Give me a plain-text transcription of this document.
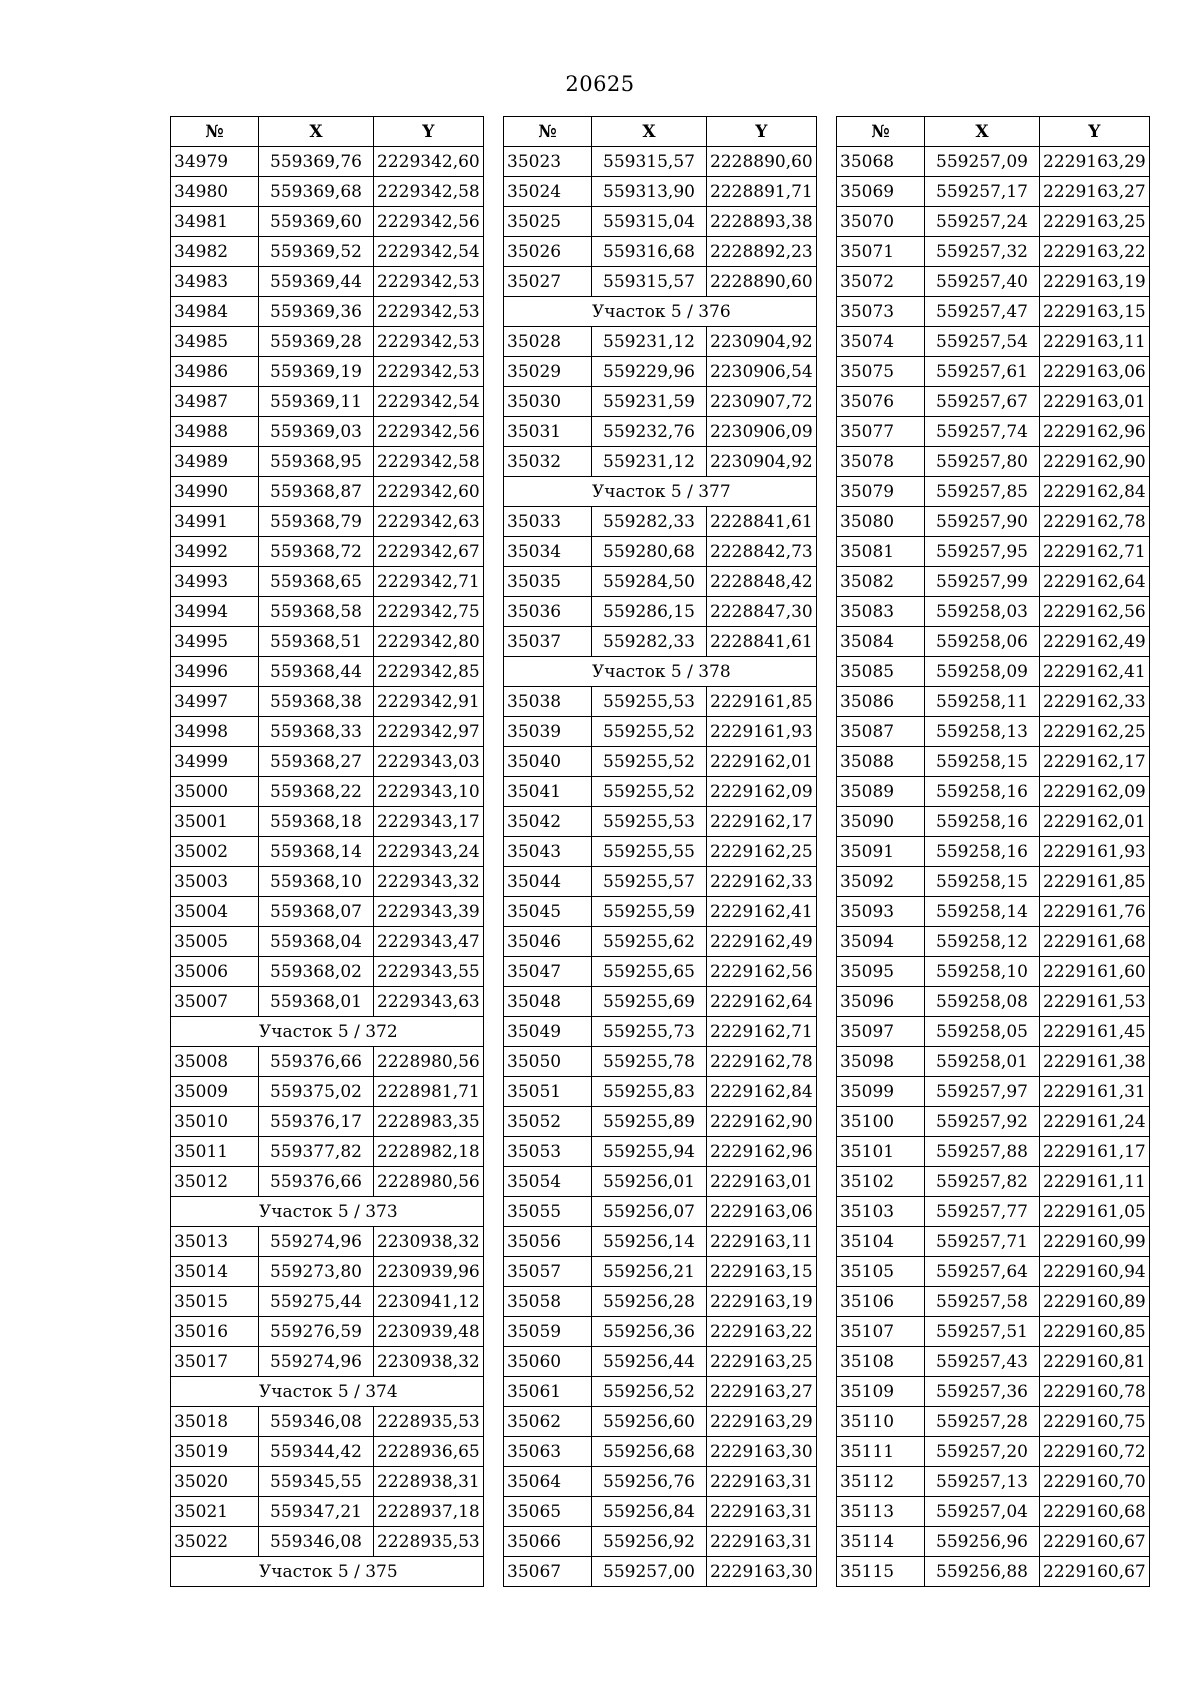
20625
№	X	Y
34979	559369,76	2229342,60
34980	559369,68	2229342,58
34981	559369,60	2229342,56
34982	559369,52	2229342,54
34983	559369,44	2229342,53
34984	559369,36	2229342,53
34985	559369,28	2229342,53
34986	559369,19	2229342,53
34987	559369,11	2229342,54
34988	559369,03	2229342,56
34989	559368,95	2229342,58
34990	559368,87	2229342,60
34991	559368,79	2229342,63
34992	559368,72	2229342,67
34993	559368,65	2229342,71
34994	559368,58	2229342,75
34995	559368,51	2229342,80
34996	559368,44	2229342,85
34997	559368,38	2229342,91
34998	559368,33	2229342,97
34999	559368,27	2229343,03
35000	559368,22	2229343,10
35001	559368,18	2229343,17
35002	559368,14	2229343,24
35003	559368,10	2229343,32
35004	559368,07	2229343,39
35005	559368,04	2229343,47
35006	559368,02	2229343,55
35007	559368,01	2229343,63
Участок 5 / 372		
35008	559376,66	2228980,56
35009	559375,02	2228981,71
35010	559376,17	2228983,35
35011	559377,82	2228982,18
35012	559376,66	2228980,56
Участок 5 / 373		
35013	559274,96	2230938,32
35014	559273,80	2230939,96
35015	559275,44	2230941,12
35016	559276,59	2230939,48
35017	559274,96	2230938,32
Участок 5 / 374		
35018	559346,08	2228935,53
35019	559344,42	2228936,65
35020	559345,55	2228938,31
35021	559347,21	2228937,18
35022	559346,08	2228935,53
Участок 5 / 375		
№	X	Y
35023	559315,57	2228890,60
35024	559313,90	2228891,71
35025	559315,04	2228893,38
35026	559316,68	2228892,23
35027	559315,57	2228890,60
Участок 5 / 376		
35028	559231,12	2230904,92
35029	559229,96	2230906,54
35030	559231,59	2230907,72
35031	559232,76	2230906,09
35032	559231,12	2230904,92
Участок 5 / 377		
35033	559282,33	2228841,61
35034	559280,68	2228842,73
35035	559284,50	2228848,42
35036	559286,15	2228847,30
35037	559282,33	2228841,61
Участок 5 / 378		
35038	559255,53	2229161,85
35039	559255,52	2229161,93
35040	559255,52	2229162,01
35041	559255,52	2229162,09
35042	559255,53	2229162,17
35043	559255,55	2229162,25
35044	559255,57	2229162,33
35045	559255,59	2229162,41
35046	559255,62	2229162,49
35047	559255,65	2229162,56
35048	559255,69	2229162,64
35049	559255,73	2229162,71
35050	559255,78	2229162,78
35051	559255,83	2229162,84
35052	559255,89	2229162,90
35053	559255,94	2229162,96
35054	559256,01	2229163,01
35055	559256,07	2229163,06
35056	559256,14	2229163,11
35057	559256,21	2229163,15
35058	559256,28	2229163,19
35059	559256,36	2229163,22
35060	559256,44	2229163,25
35061	559256,52	2229163,27
35062	559256,60	2229163,29
35063	559256,68	2229163,30
35064	559256,76	2229163,31
35065	559256,84	2229163,31
35066	559256,92	2229163,31
35067	559257,00	2229163,30
№	X	Y
35068	559257,09	2229163,29
35069	559257,17	2229163,27
35070	559257,24	2229163,25
35071	559257,32	2229163,22
35072	559257,40	2229163,19
35073	559257,47	2229163,15
35074	559257,54	2229163,11
35075	559257,61	2229163,06
35076	559257,67	2229163,01
35077	559257,74	2229162,96
35078	559257,80	2229162,90
35079	559257,85	2229162,84
35080	559257,90	2229162,78
35081	559257,95	2229162,71
35082	559257,99	2229162,64
35083	559258,03	2229162,56
35084	559258,06	2229162,49
35085	559258,09	2229162,41
35086	559258,11	2229162,33
35087	559258,13	2229162,25
35088	559258,15	2229162,17
35089	559258,16	2229162,09
35090	559258,16	2229162,01
35091	559258,16	2229161,93
35092	559258,15	2229161,85
35093	559258,14	2229161,76
35094	559258,12	2229161,68
35095	559258,10	2229161,60
35096	559258,08	2229161,53
35097	559258,05	2229161,45
35098	559258,01	2229161,38
35099	559257,97	2229161,31
35100	559257,92	2229161,24
35101	559257,88	2229161,17
35102	559257,82	2229161,11
35103	559257,77	2229161,05
35104	559257,71	2229160,99
35105	559257,64	2229160,94
35106	559257,58	2229160,89
35107	559257,51	2229160,85
35108	559257,43	2229160,81
35109	559257,36	2229160,78
35110	559257,28	2229160,75
35111	559257,20	2229160,72
35112	559257,13	2229160,70
35113	559257,04	2229160,68
35114	559256,96	2229160,67
35115	559256,88	2229160,67
